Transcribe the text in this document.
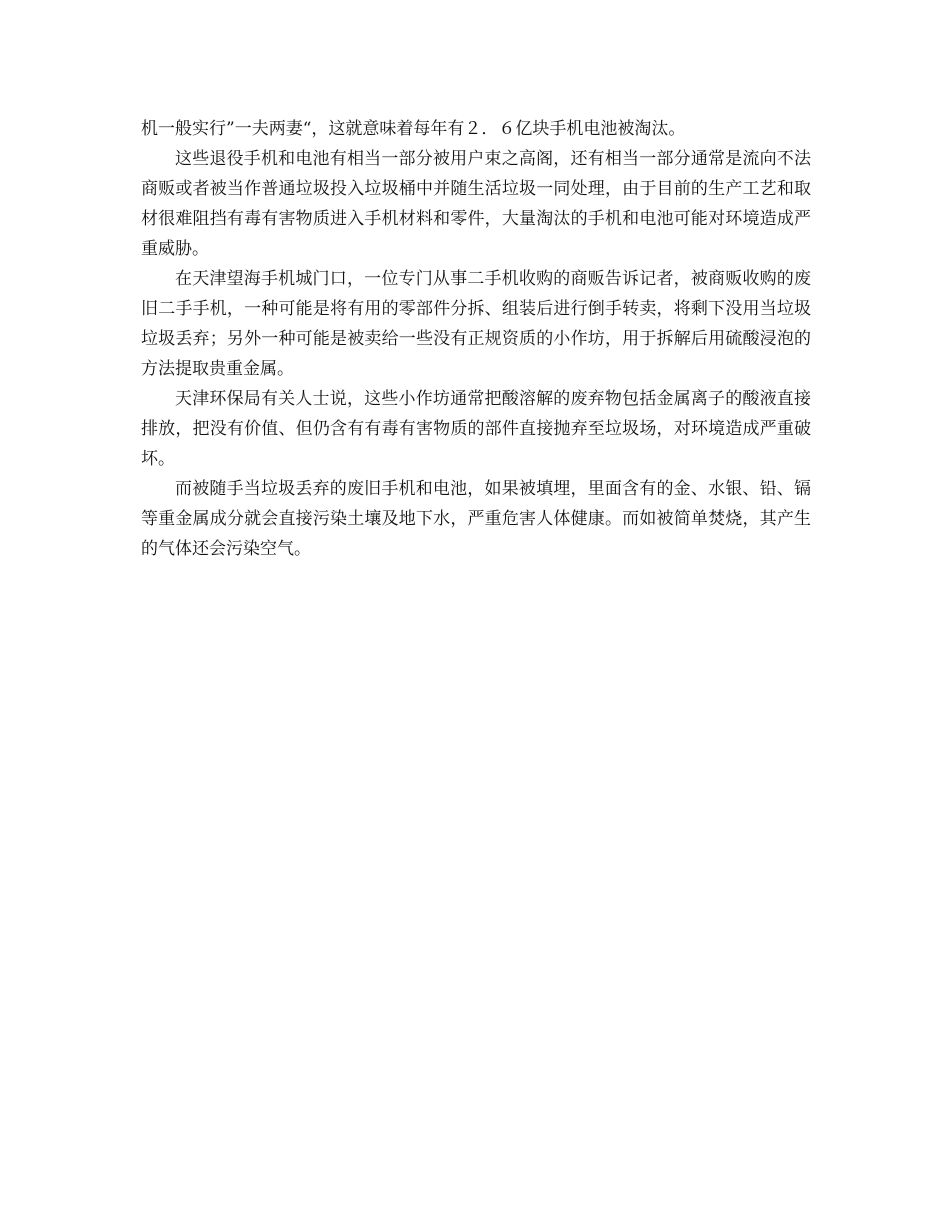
机一般实行”一夫两妻“，这就意味着每年有２．６亿块手机电池被淘汰。

这些退役手机和电池有相当一部分被用户束之高阁，还有相当一部分通常是流向不法商贩或者被当作普通垃圾投入垃圾桶中并随生活垃圾一同处理，由于目前的生产工艺和取材很难阻挡有毒有害物质进入手机材料和零件，大量淘汰的手机和电池可能对环境造成严重威胁。

在天津望海手机城门口，一位专门从事二手机收购的商贩告诉记者，被商贩收购的废旧二手手机，一种可能是将有用的零部件分拆、组装后进行倒手转卖，将剩下没用当垃圾垃圾丢弃；另外一种可能是被卖给一些没有正规资质的小作坊，用于拆解后用硫酸浸泡的方法提取贵重金属。

天津环保局有关人士说，这些小作坊通常把酸溶解的废弃物包括金属离子的酸液直接排放，把没有价值、但仍含有有毒有害物质的部件直接抛弃至垃圾场，对环境造成严重破坏。

而被随手当垃圾丢弃的废旧手机和电池，如果被填埋，里面含有的金、水银、铅、镉等重金属成分就会直接污染土壤及地下水，严重危害人体健康。而如被简单焚烧，其产生的气体还会污染空气。
